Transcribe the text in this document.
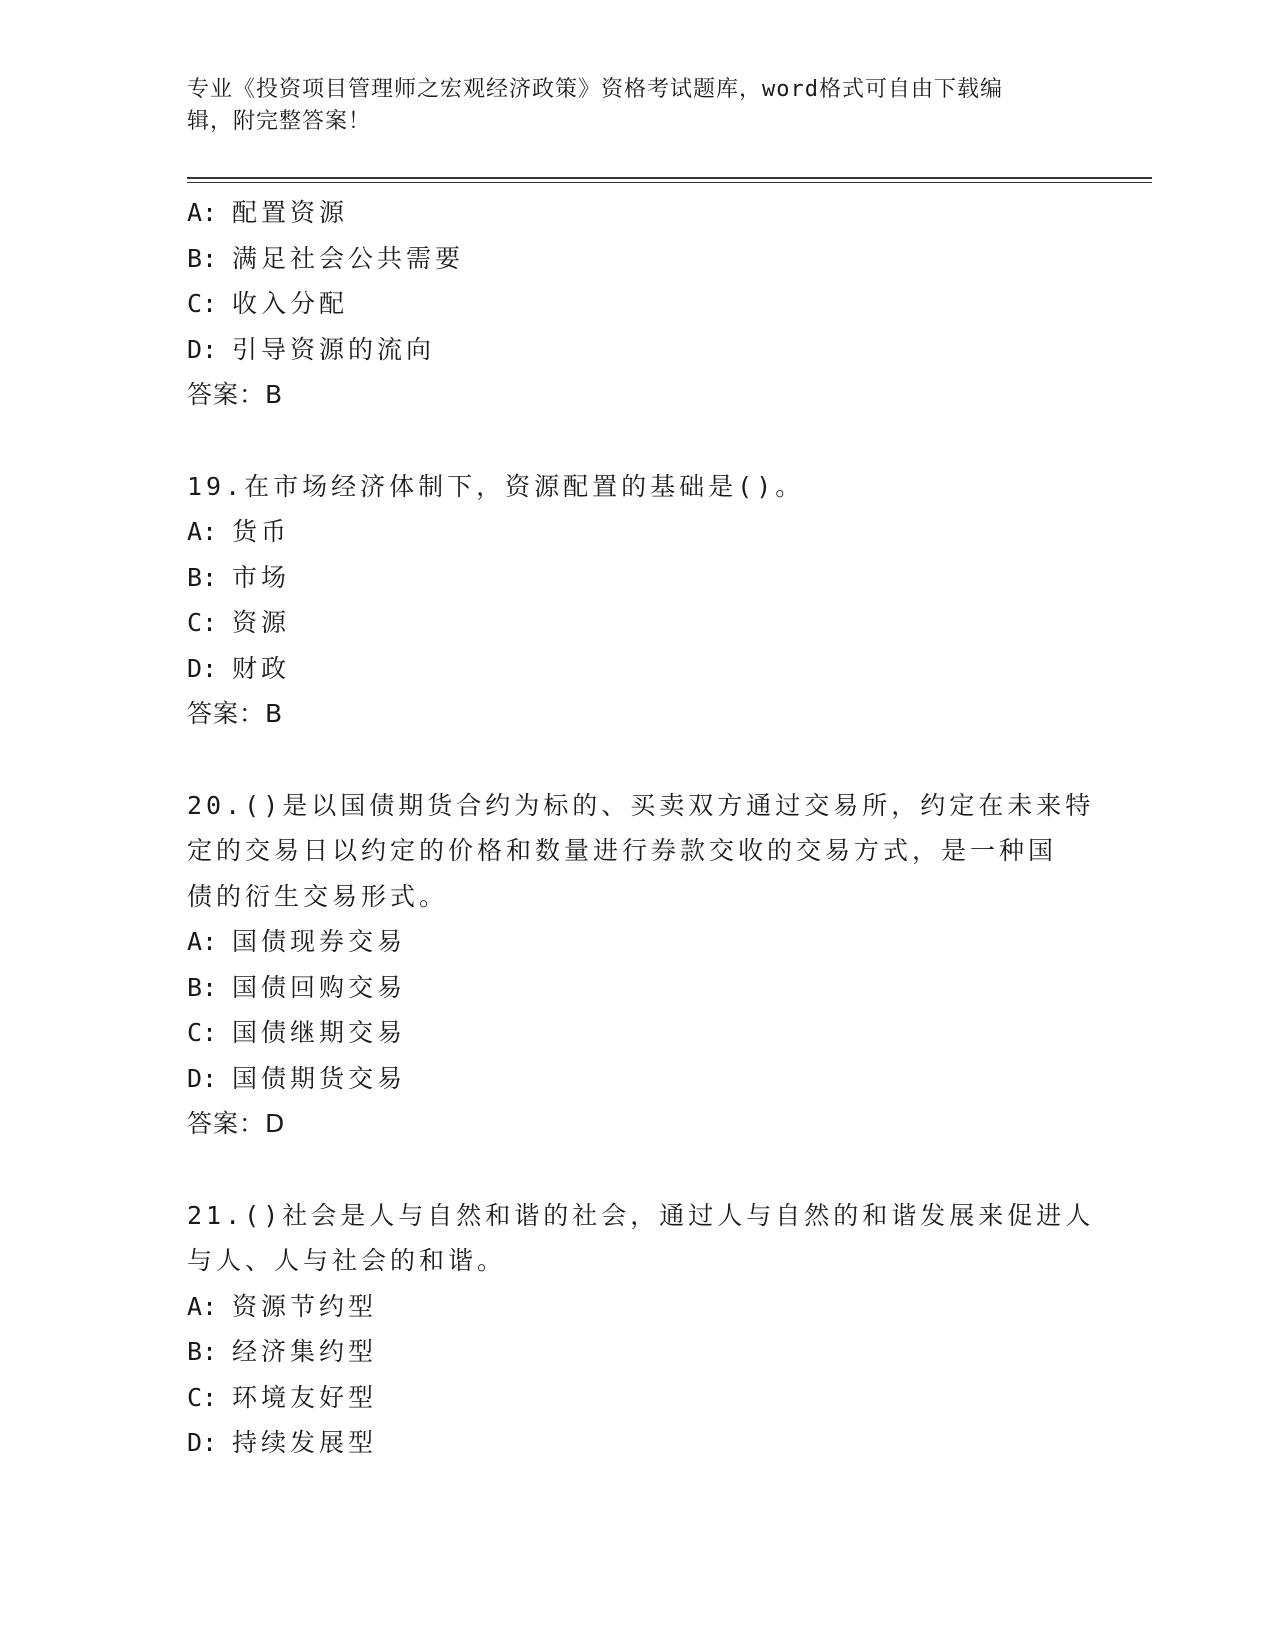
专业《投资项目管理师之宏观经济政策》资格考试题库，word格式可自由下载编
辑，附完整答案！
A: 配置资源
B: 满足社会公共需要
C: 收入分配
D: 引导资源的流向
答案：B
19.在市场经济体制下，资源配置的基础是()。
A: 货币
B: 市场
C: 资源
D: 财政
答案：B
20.()是以国债期货合约为标的、买卖双方通过交易所，约定在未来特
定的交易日以约定的价格和数量进行券款交收的交易方式，是一种国
债的衍生交易形式。
A: 国债现券交易
B: 国债回购交易
C: 国债继期交易
D: 国债期货交易
答案：D
21.()社会是人与自然和谐的社会，通过人与自然的和谐发展来促进人
与人、人与社会的和谐。
A: 资源节约型
B: 经济集约型
C: 环境友好型
D: 持续发展型
